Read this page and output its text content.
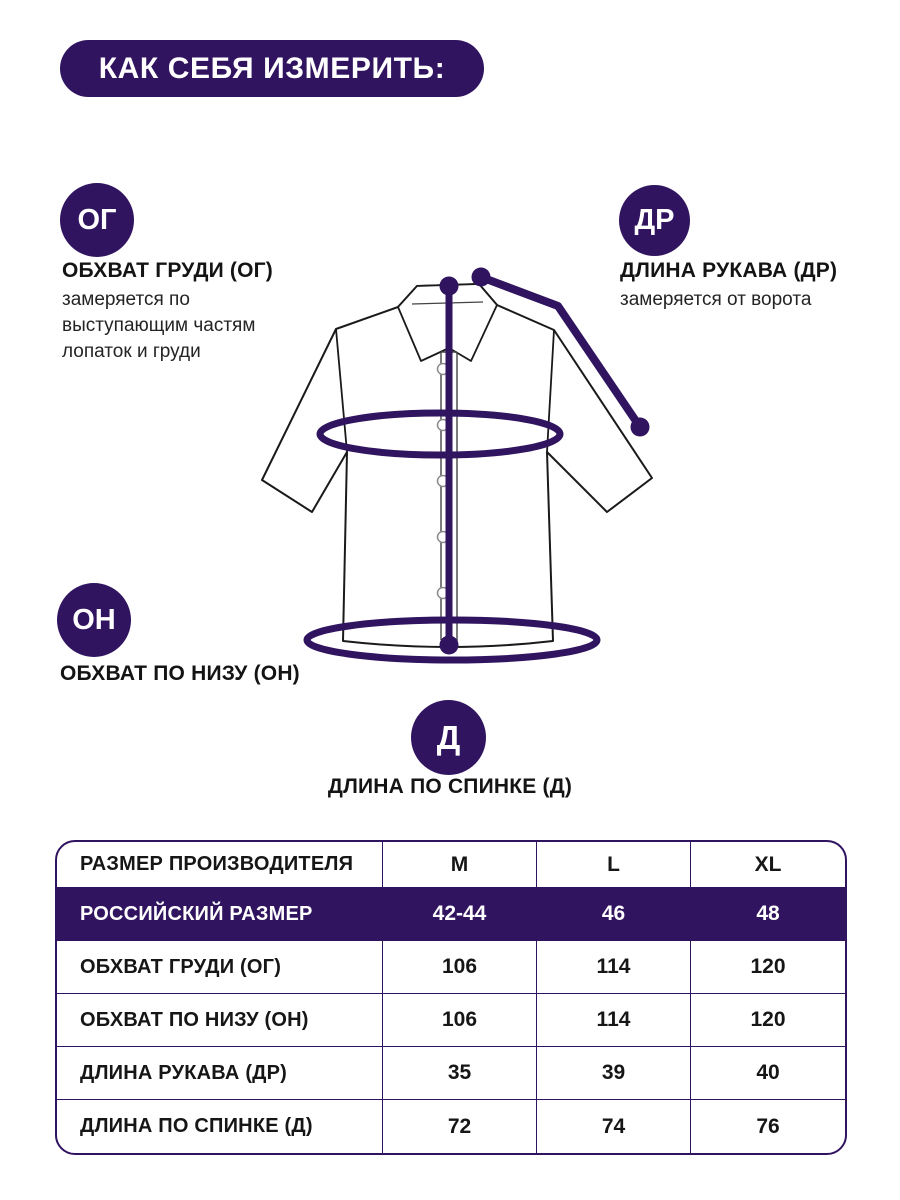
КАК СЕБЯ ИЗМЕРИТЬ:
ОГ
ОБХВАТ ГРУДИ (ОГ)
замеряется по выступающим частям лопаток и груди
ДР
ДЛИНА РУКАВА (ДР)
замеряется от ворота
ОН
ОБХВАТ ПО НИЗУ (ОН)
Д
ДЛИНА ПО СПИНКЕ (Д)
РАЗМЕР ПРОИЗВОДИТЕЛЯ	M	L	XL
РОССИЙСКИЙ РАЗМЕР	42-44	46	48
ОБХВАТ ГРУДИ (ОГ)	106	114	120
ОБХВАТ ПО НИЗУ (ОН)	106	114	120
ДЛИНА РУКАВА (ДР)	35	39	40
ДЛИНА ПО СПИНКЕ (Д)	72	74	76
